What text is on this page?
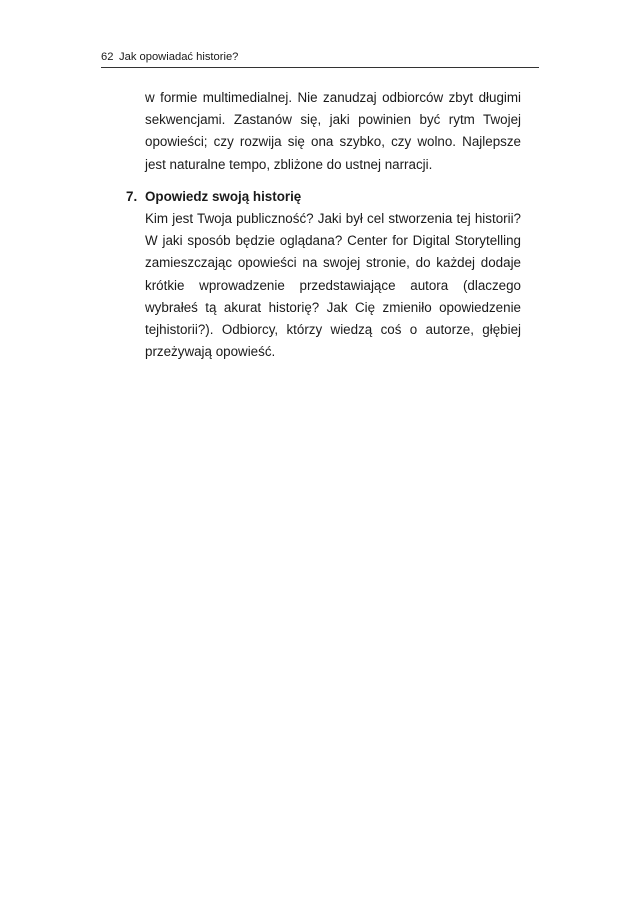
62 Jak opowiadać historie?

w formie multimedialnej. Nie zanudzaj odbiorców zbyt długimi sekwencjami. Zastanów się, jaki powinien być rytm Twojej opowieści; czy rozwija się ona szybko, czy wolno. Najlepsze jest naturalne tempo, zbliżone do ustnej narracji.

7. Opowiedz swoją historię

Kim jest Twoja publiczność? Jaki był cel stworzenia tej historii? W jaki sposób będzie oglądana? Center for Digital Storytelling zamieszczając opowieści na swojej stronie, do każdej dodaje krótkie wprowadzenie przedstawiające autora (dlaczego wybrałeś tą akurat historię? Jak Cię zmieniło opowiedzenie tejhistorii?). Odbiorcy, którzy wiedzą coś o autorze, głębiej przeżywają opowieść.
